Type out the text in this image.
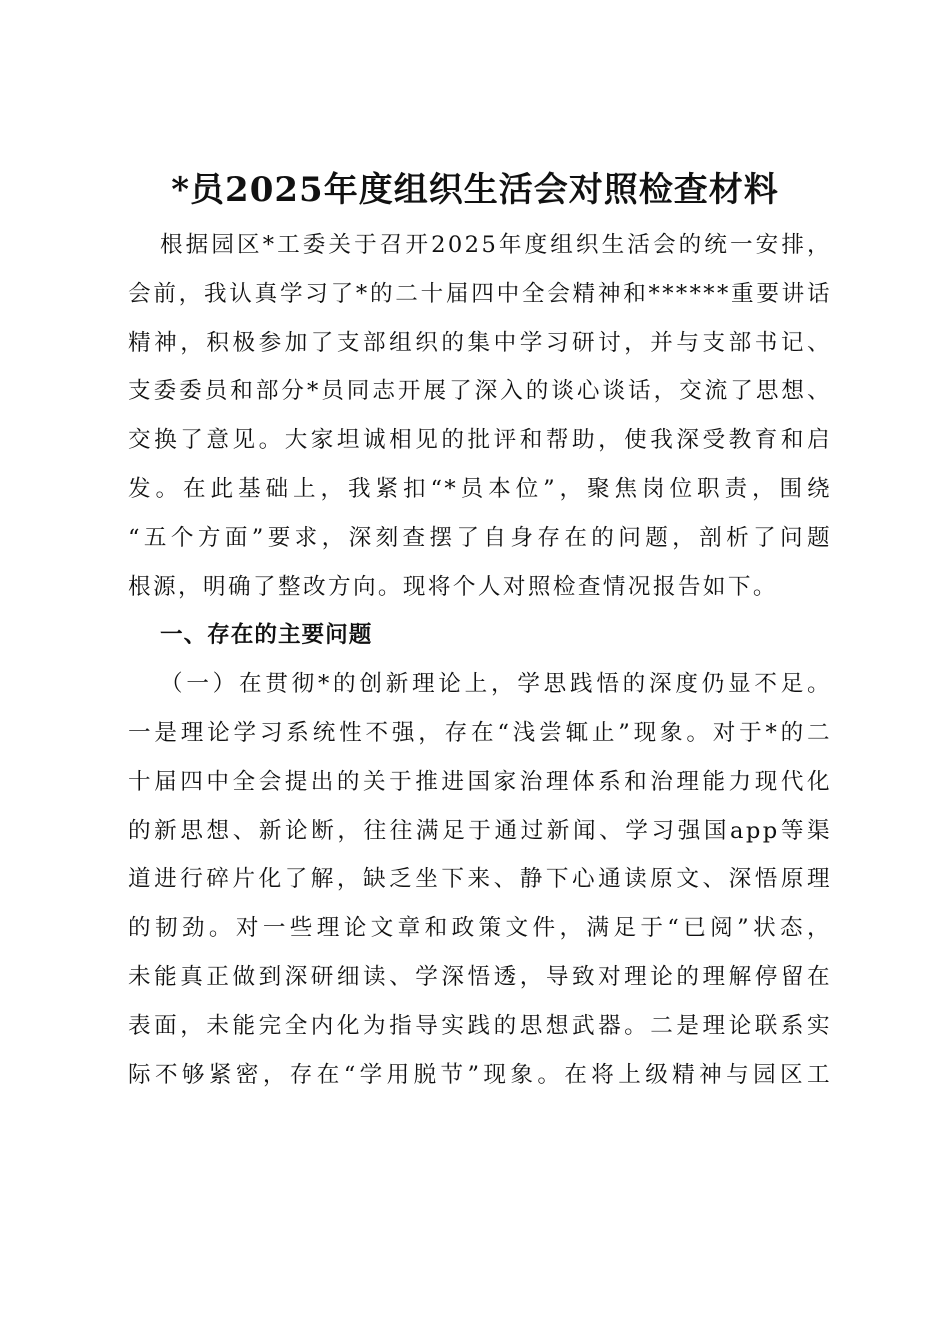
*员2025年度组织生活会对照检查材料
根据园区*工委关于召开2025年度组织生活会的统一安排，
会前，我认真学习了*的二十届四中全会精神和******重要讲话
精神，积极参加了支部组织的集中学习研讨，并与支部书记、
支委委员和部分*员同志开展了深入的谈心谈话，交流了思想、
交换了意见。大家坦诚相见的批评和帮助，使我深受教育和启
发。在此基础上，我紧扣“*员本位”，聚焦岗位职责，围绕
“五个方面”要求，深刻查摆了自身存在的问题，剖析了问题
根源，明确了整改方向。现将个人对照检查情况报告如下。
一、存在的主要问题
（一）在贯彻*的创新理论上，学思践悟的深度仍显不足。
一是理论学习系统性不强，存在“浅尝辄止”现象。对于*的二
十届四中全会提出的关于推进国家治理体系和治理能力现代化
的新思想、新论断，往往满足于通过新闻、学习强国app等渠
道进行碎片化了解，缺乏坐下来、静下心通读原文、深悟原理
的韧劲。对一些理论文章和政策文件，满足于“已阅”状态，
未能真正做到深研细读、学深悟透，导致对理论的理解停留在
表面，未能完全内化为指导实践的思想武器。二是理论联系实
际不够紧密，存在“学用脱节”现象。在将上级精神与园区工
